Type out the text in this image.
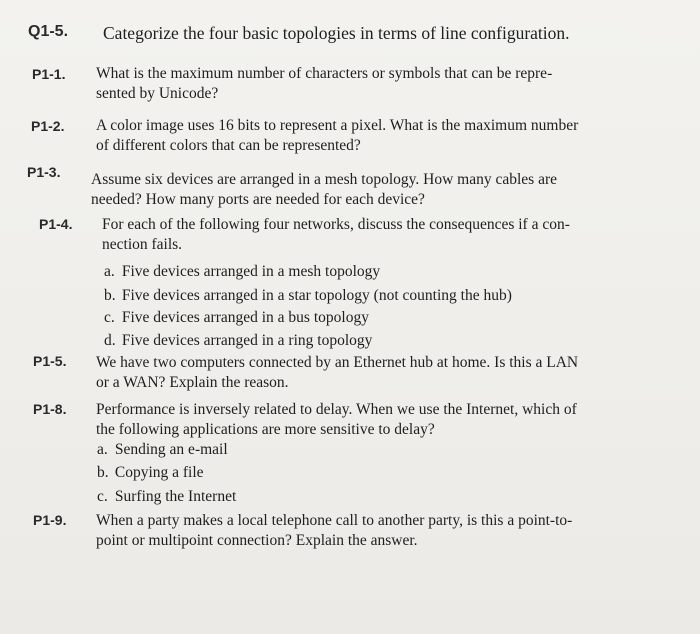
Q1-5. Categorize the four basic topologies in terms of line configuration.
P1-1. What is the maximum number of characters or symbols that can be repre-
sented by Unicode?
P1-2. A color image uses 16 bits to represent a pixel. What is the maximum number
of different colors that can be represented?
P1-3. Assume six devices are arranged in a mesh topology. How many cables are
needed? How many ports are needed for each device?
P1-4. For each of the following four networks, discuss the consequences if a con-
nection fails.
a. Five devices arranged in a mesh topology
b. Five devices arranged in a star topology (not counting the hub)
c. Five devices arranged in a bus topology
d. Five devices arranged in a ring topology
P1-5. We have two computers connected by an Ethernet hub at home. Is this a LAN
or a WAN? Explain the reason.
P1-8. Performance is inversely related to delay. When we use the Internet, which of
the following applications are more sensitive to delay?
a. Sending an e-mail
b. Copying a file
c. Surfing the Internet
P1-9. When a party makes a local telephone call to another party, is this a point-to-
point or multipoint connection? Explain the answer.
